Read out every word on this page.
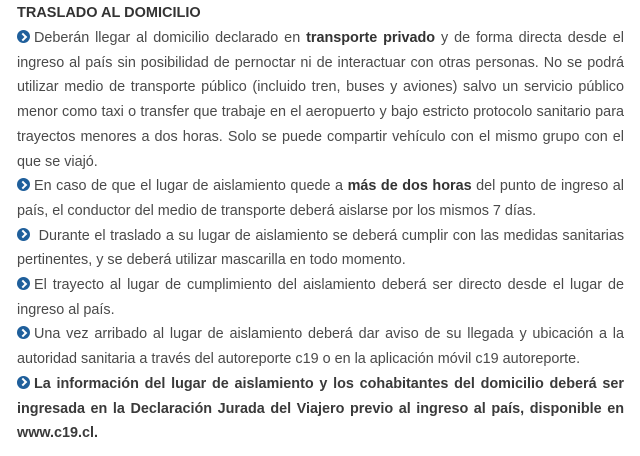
TRASLADO AL DOMICILIO

Deberán llegar al domicilio declarado en transporte privado y de forma directa desde el ingreso al país sin posibilidad de pernoctar ni de interactuar con otras personas. No se podrá utilizar medio de transporte público (incluido tren, buses y aviones) salvo un servicio público menor como taxi o transfer que trabaje en el aeropuerto y bajo estricto protocolo sanitario para trayectos menores a dos horas. Solo se puede compartir vehículo con el mismo grupo con el que se viajó.

En caso de que el lugar de aislamiento quede a más de dos horas del punto de ingreso al país, el conductor del medio de transporte deberá aislarse por los mismos 7 días.

Durante el traslado a su lugar de aislamiento se deberá cumplir con las medidas sanitarias pertinentes, y se deberá utilizar mascarilla en todo momento.

El trayecto al lugar de cumplimiento del aislamiento deberá ser directo desde el lugar de ingreso al país.

Una vez arribado al lugar de aislamiento deberá dar aviso de su llegada y ubicación a la autoridad sanitaria a través del autoreporte c19 o en la aplicación móvil c19 autoreporte.

La información del lugar de aislamiento y los cohabitantes del domicilio deberá ser ingresada en la Declaración Jurada del Viajero previo al ingreso al país, disponible en www.c19.cl.
